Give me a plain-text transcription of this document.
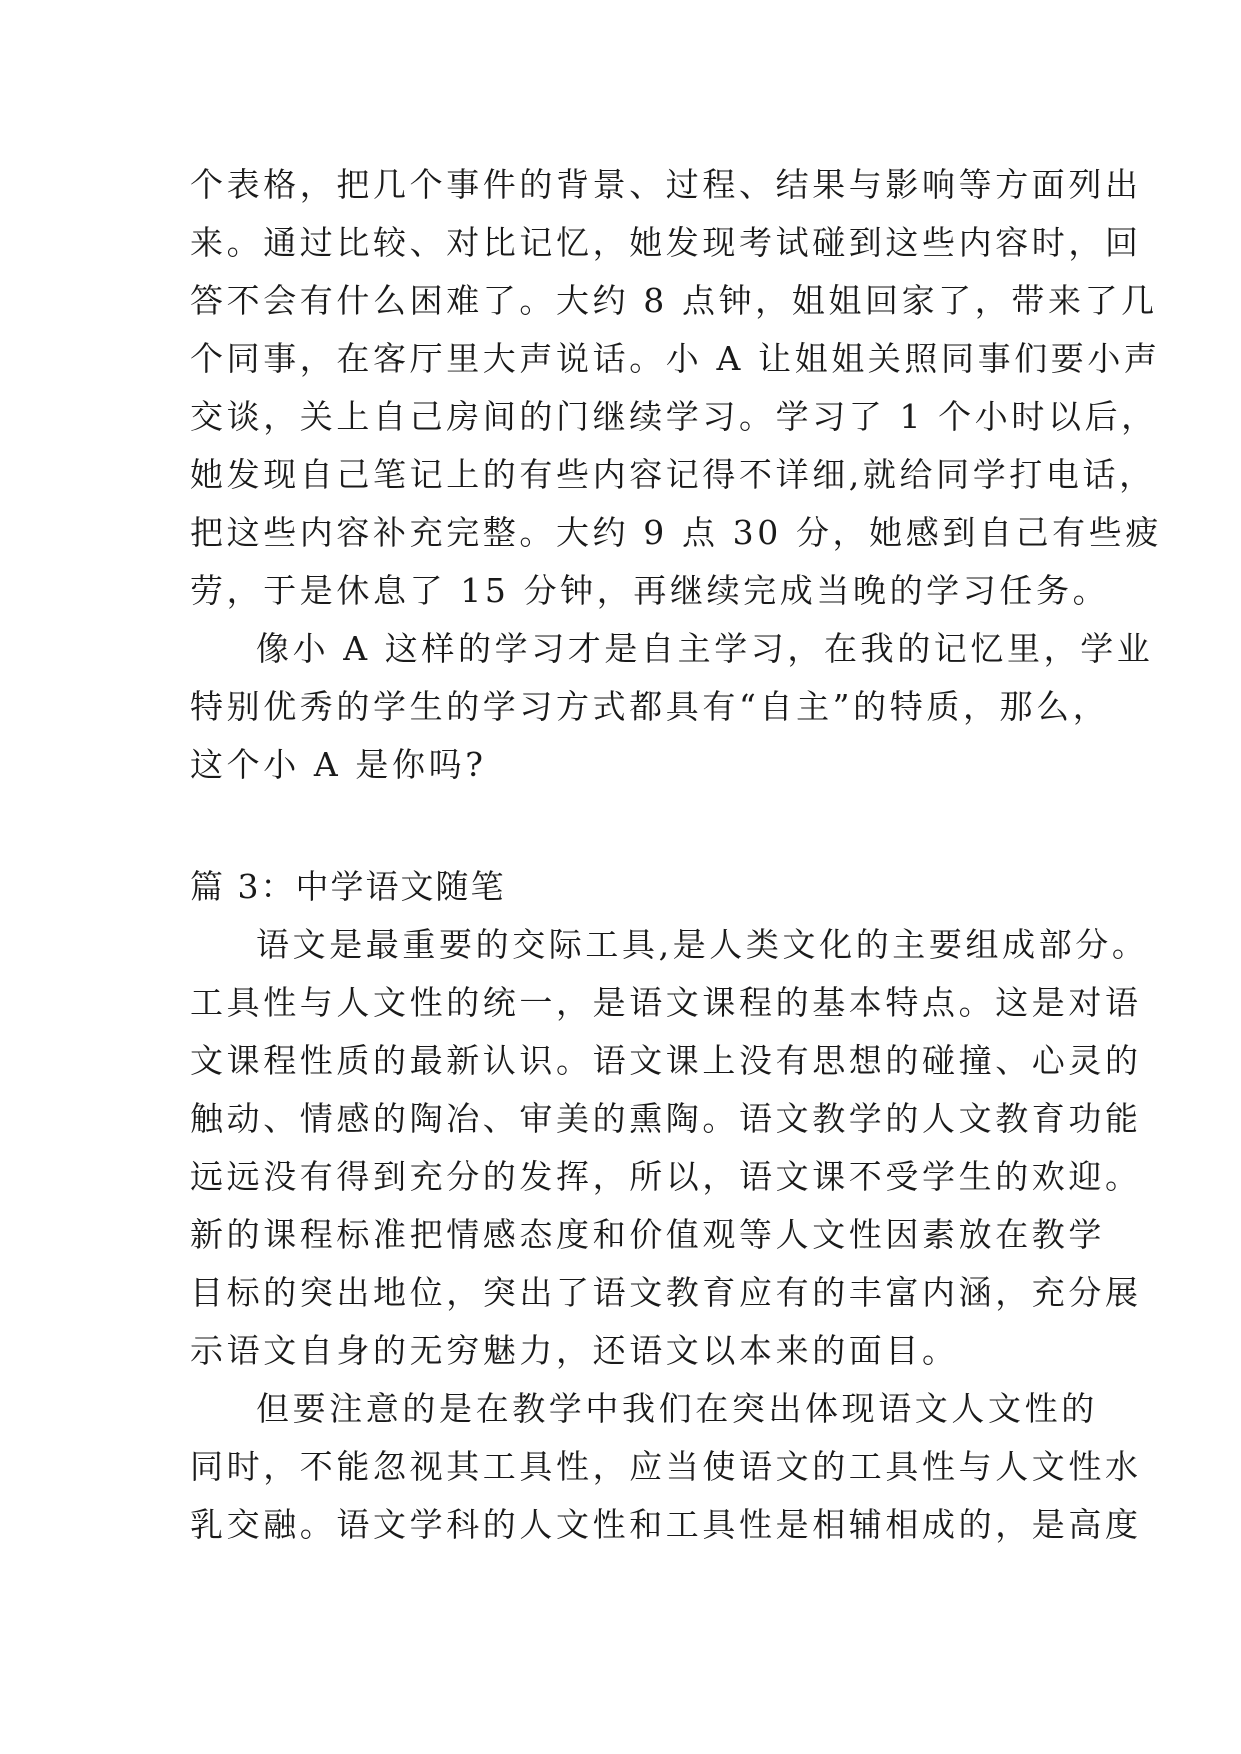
个表格，把几个事件的背景、过程、结果与影响等方面列出
来。通过比较、对比记忆，她发现考试碰到这些内容时，回
答不会有什么困难了。大约 8 点钟，姐姐回家了，带来了几
个同事，在客厅里大声说话。小 A 让姐姐关照同事们要小声
交谈，关上自己房间的门继续学习。学习了 1 个小时以后，
她发现自己笔记上的有些内容记得不详细,就给同学打电话，
把这些内容补充完整。大约 9 点 30 分，她感到自己有些疲
劳，于是休息了 15 分钟，再继续完成当晚的学习任务。
像小 A 这样的学习才是自主学习，在我的记忆里，学业
特别优秀的学生的学习方式都具有“自主”的特质，那么，
这个小 A 是你吗?
篇 3：中学语文随笔
语文是最重要的交际工具,是人类文化的主要组成部分。
工具性与人文性的统一，是语文课程的基本特点。这是对语
文课程性质的最新认识。语文课上没有思想的碰撞、心灵的
触动、情感的陶冶、审美的熏陶。语文教学的人文教育功能
远远没有得到充分的发挥，所以，语文课不受学生的欢迎。
新的课程标准把情感态度和价值观等人文性因素放在教学
目标的突出地位，突出了语文教育应有的丰富内涵，充分展
示语文自身的无穷魅力，还语文以本来的面目。
但要注意的是在教学中我们在突出体现语文人文性的
同时，不能忽视其工具性，应当使语文的工具性与人文性水
乳交融。语文学科的人文性和工具性是相辅相成的，是高度
